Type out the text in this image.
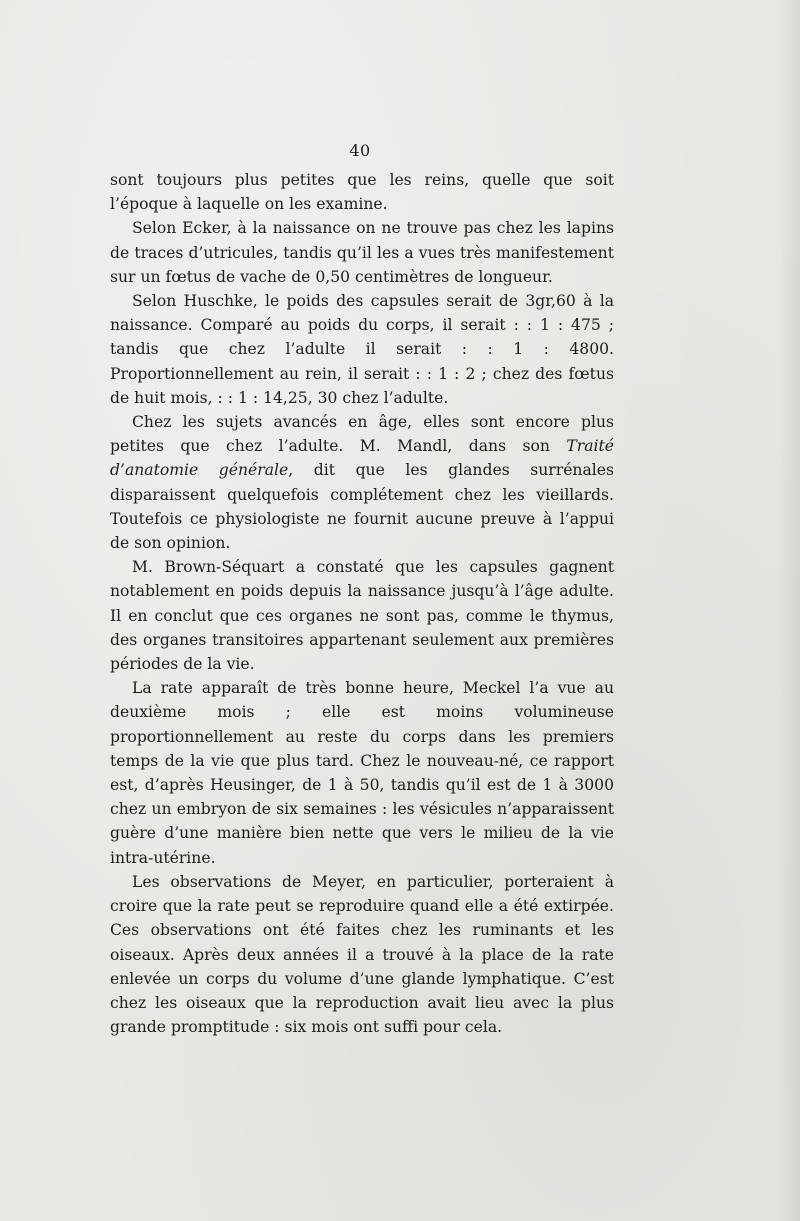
40

sont toujours plus petites que les reins, quelle que soit l’époque à laquelle on les examine.

Selon Ecker, à la naissance on ne trouve pas chez les lapins de traces d’utricules, tandis qu’il les a vues très manifestement sur un fœtus de vache de 0,50 centimètres de longueur.

Selon Huschke, le poids des capsules serait de 3gr,60 à la naissance. Comparé au poids du corps, il serait : : 1 : 475 ; tandis que chez l’adulte il serait : : 1 : 4800. Proportionnellement au rein, il serait : : 1 : 2 ; chez des fœtus de huit mois, : : 1 : 14,25, 30 chez l’adulte.

Chez les sujets avancés en âge, elles sont encore plus petites que chez l’adulte. M. Mandl, dans son Traité d’anatomie générale, dit que les glandes surrénales disparaissent quelquefois complétement chez les vieillards. Toutefois ce physiologiste ne fournit aucune preuve à l’appui de son opinion.

M. Brown-Séquart a constaté que les capsules gagnent notablement en poids depuis la naissance jusqu’à l’âge adulte. Il en conclut que ces organes ne sont pas, comme le thymus, des organes transitoires appartenant seulement aux premières périodes de la vie.

La rate apparaît de très bonne heure, Meckel l’a vue au deuxième mois ; elle est moins volumineuse proportionnellement au reste du corps dans les premiers temps de la vie que plus tard. Chez le nouveau-né, ce rapport est, d’après Heusinger, de 1 à 50, tandis qu’il est de 1 à 3000 chez un embryon de six semaines : les vésicules n’apparaissent guère d’une manière bien nette que vers le milieu de la vie intra-utérine.

Les observations de Meyer, en particulier, porteraient à croire que la rate peut se reproduire quand elle a été extirpée. Ces observations ont été faites chez les ruminants et les oiseaux. Après deux années il a trouvé à la place de la rate enlevée un corps du volume d’une glande lymphatique. C’est chez les oiseaux que la reproduction avait lieu avec la plus grande promptitude : six mois ont suffi pour cela.
